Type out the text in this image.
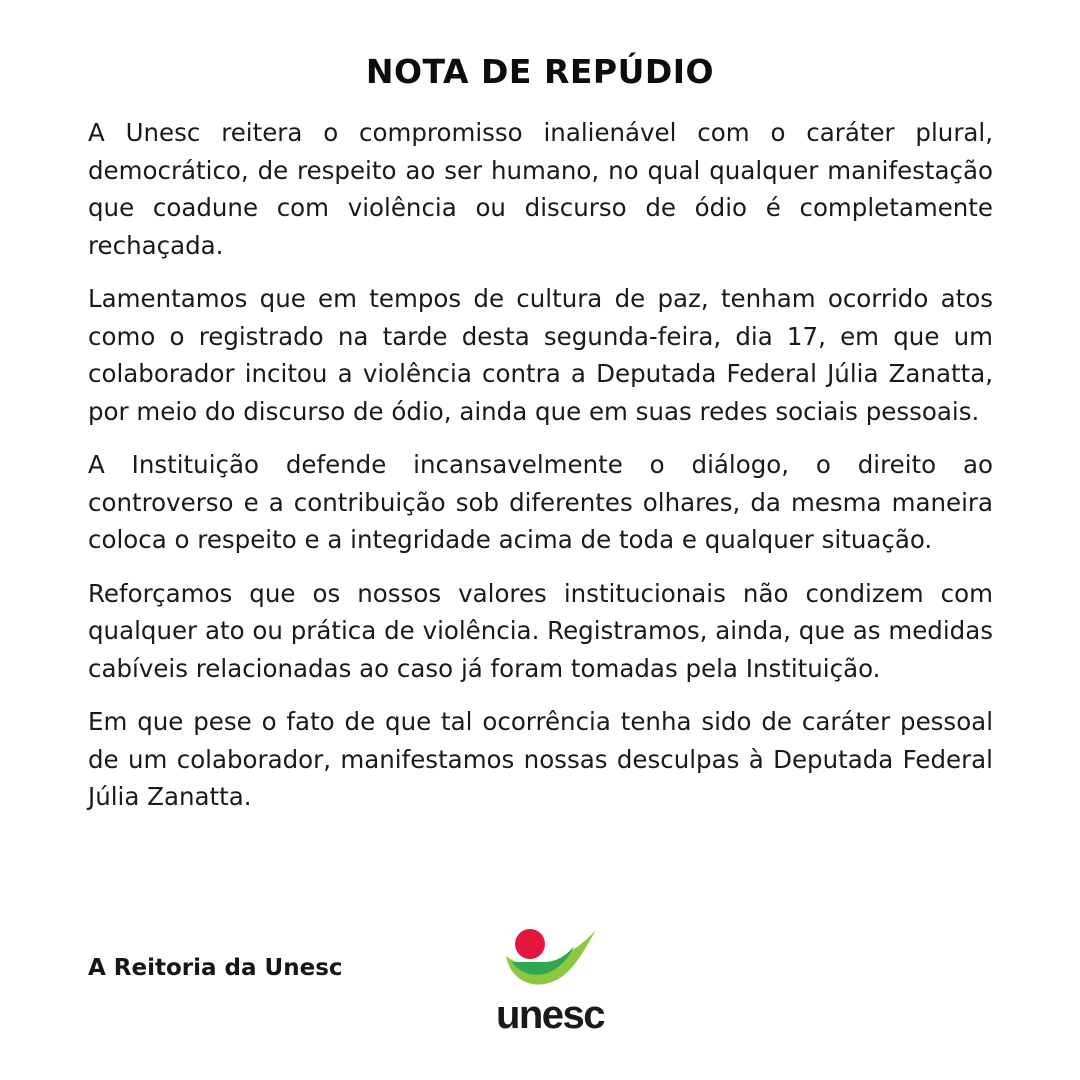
NOTA DE REPÚDIO

A Unesc reitera o compromisso inalienável com o caráter plural, democrático, de respeito ao ser humano, no qual qualquer manifestação que coadune com violência ou discurso de ódio é completamente rechaçada.

Lamentamos que em tempos de cultura de paz, tenham ocorrido atos como o registrado na tarde desta segunda-feira, dia 17, em que um colaborador incitou a violência contra a Deputada Federal Júlia Zanatta, por meio do discurso de ódio, ainda que em suas redes sociais pessoais.

A Instituição defende incansavelmente o diálogo, o direito ao controverso e a contribuição sob diferentes olhares, da mesma maneira coloca o respeito e a integridade acima de toda e qualquer situação.

Reforçamos que os nossos valores institucionais não condizem com qualquer ato ou prática de violência. Registramos, ainda, que as medidas cabíveis relacionadas ao caso já foram tomadas pela Instituição.

Em que pese o fato de que tal ocorrência tenha sido de caráter pessoal de um colaborador, manifestamos nossas desculpas à Deputada Federal Júlia Zanatta.

A Reitoria da Unesc
unesc
